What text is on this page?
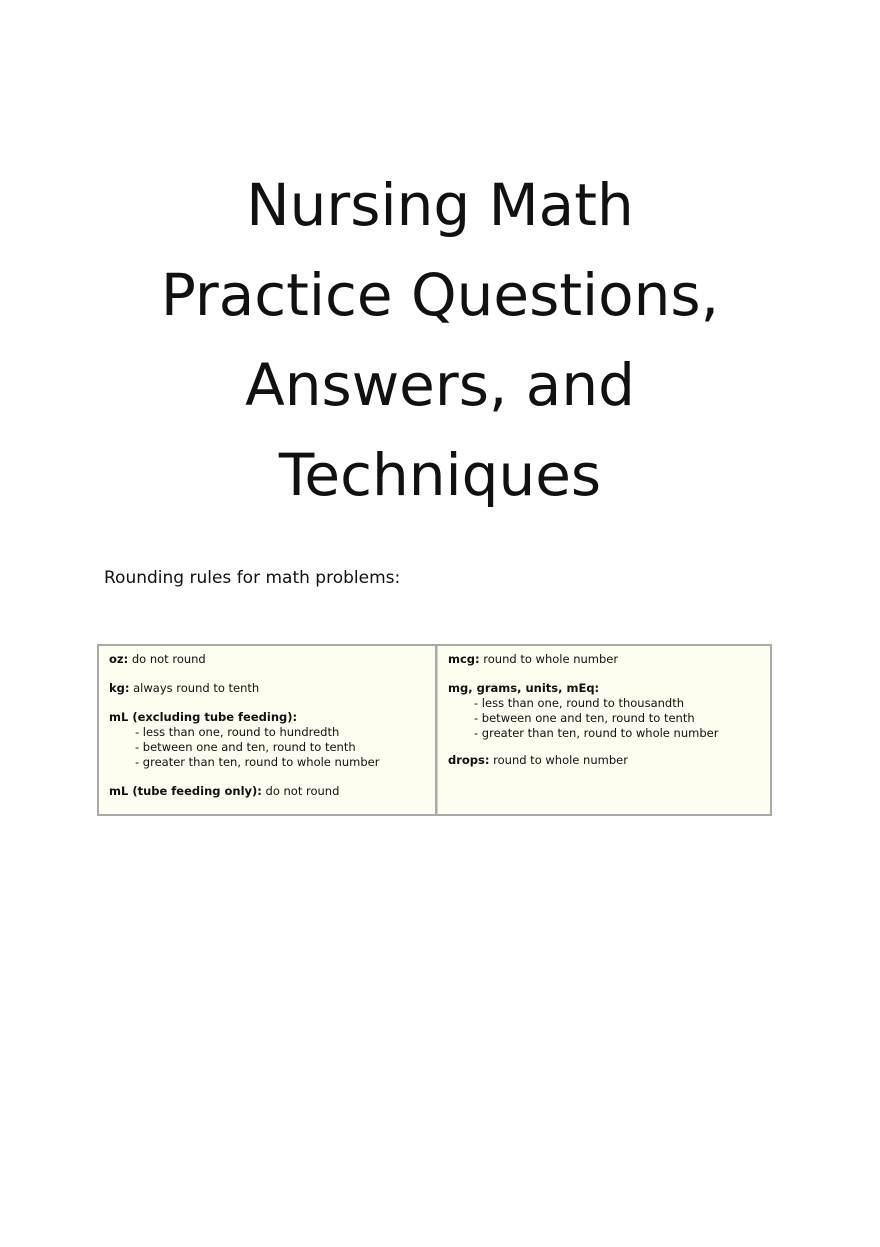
Nursing Math
Practice Questions,
Answers, and
Techniques
Rounding rules for math problems:
oz: do not round
kg: always round to tenth
mL (excluding tube feeding):
- less than one, round to hundredth
- between one and ten, round to tenth
- greater than ten, round to whole number
mL (tube feeding only): do not round
mcg: round to whole number
mg, grams, units, mEq:
- less than one, round to thousandth
- between one and ten, round to tenth
- greater than ten, round to whole number
drops: round to whole number
